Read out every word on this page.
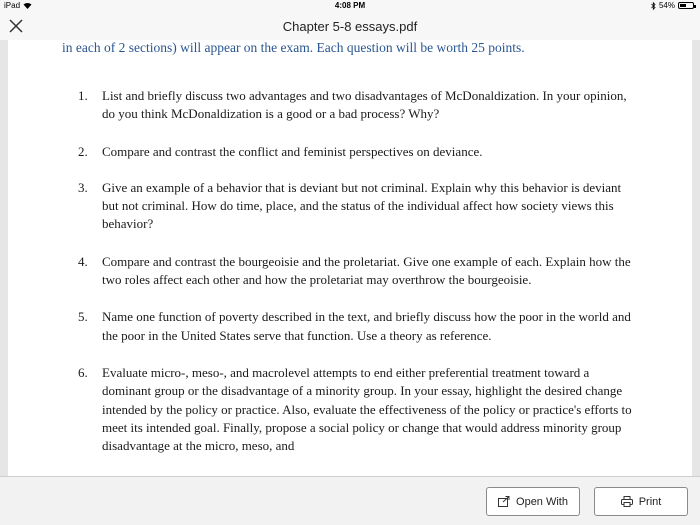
iPad	4:08 PM	54%
Chapter 5-8 essays.pdf
in each of 2 sections) will appear on the exam. Each question will be worth 25 points.
1.	List and briefly discuss two advantages and two disadvantages of McDonaldization. In your opinion, do you think McDonaldization is a good or a bad process? Why?
2.	Compare and contrast the conflict and feminist perspectives on deviance.
3.	Give an example of a behavior that is deviant but not criminal. Explain why this behavior is deviant but not criminal. How do time, place, and the status of the individual affect how society views this behavior?
4.	Compare and contrast the bourgeoisie and the proletariat. Give one example of each. Explain how the two roles affect each other and how the proletariat may overthrow the bourgeoisie.
5.	Name one function of poverty described in the text, and briefly discuss how the poor in the world and the poor in the United States serve that function. Use a theory as reference.
6.	Evaluate micro-, meso-, and macrolevel attempts to end either preferential treatment toward a dominant group or the disadvantage of a minority group. In your essay, highlight the desired change intended by the policy or practice. Also, evaluate the effectiveness of the policy or practice's efforts to meet its intended goal. Finally, propose a social policy or change that would address minority group disadvantage at the micro, meso, and
Open With	Print
